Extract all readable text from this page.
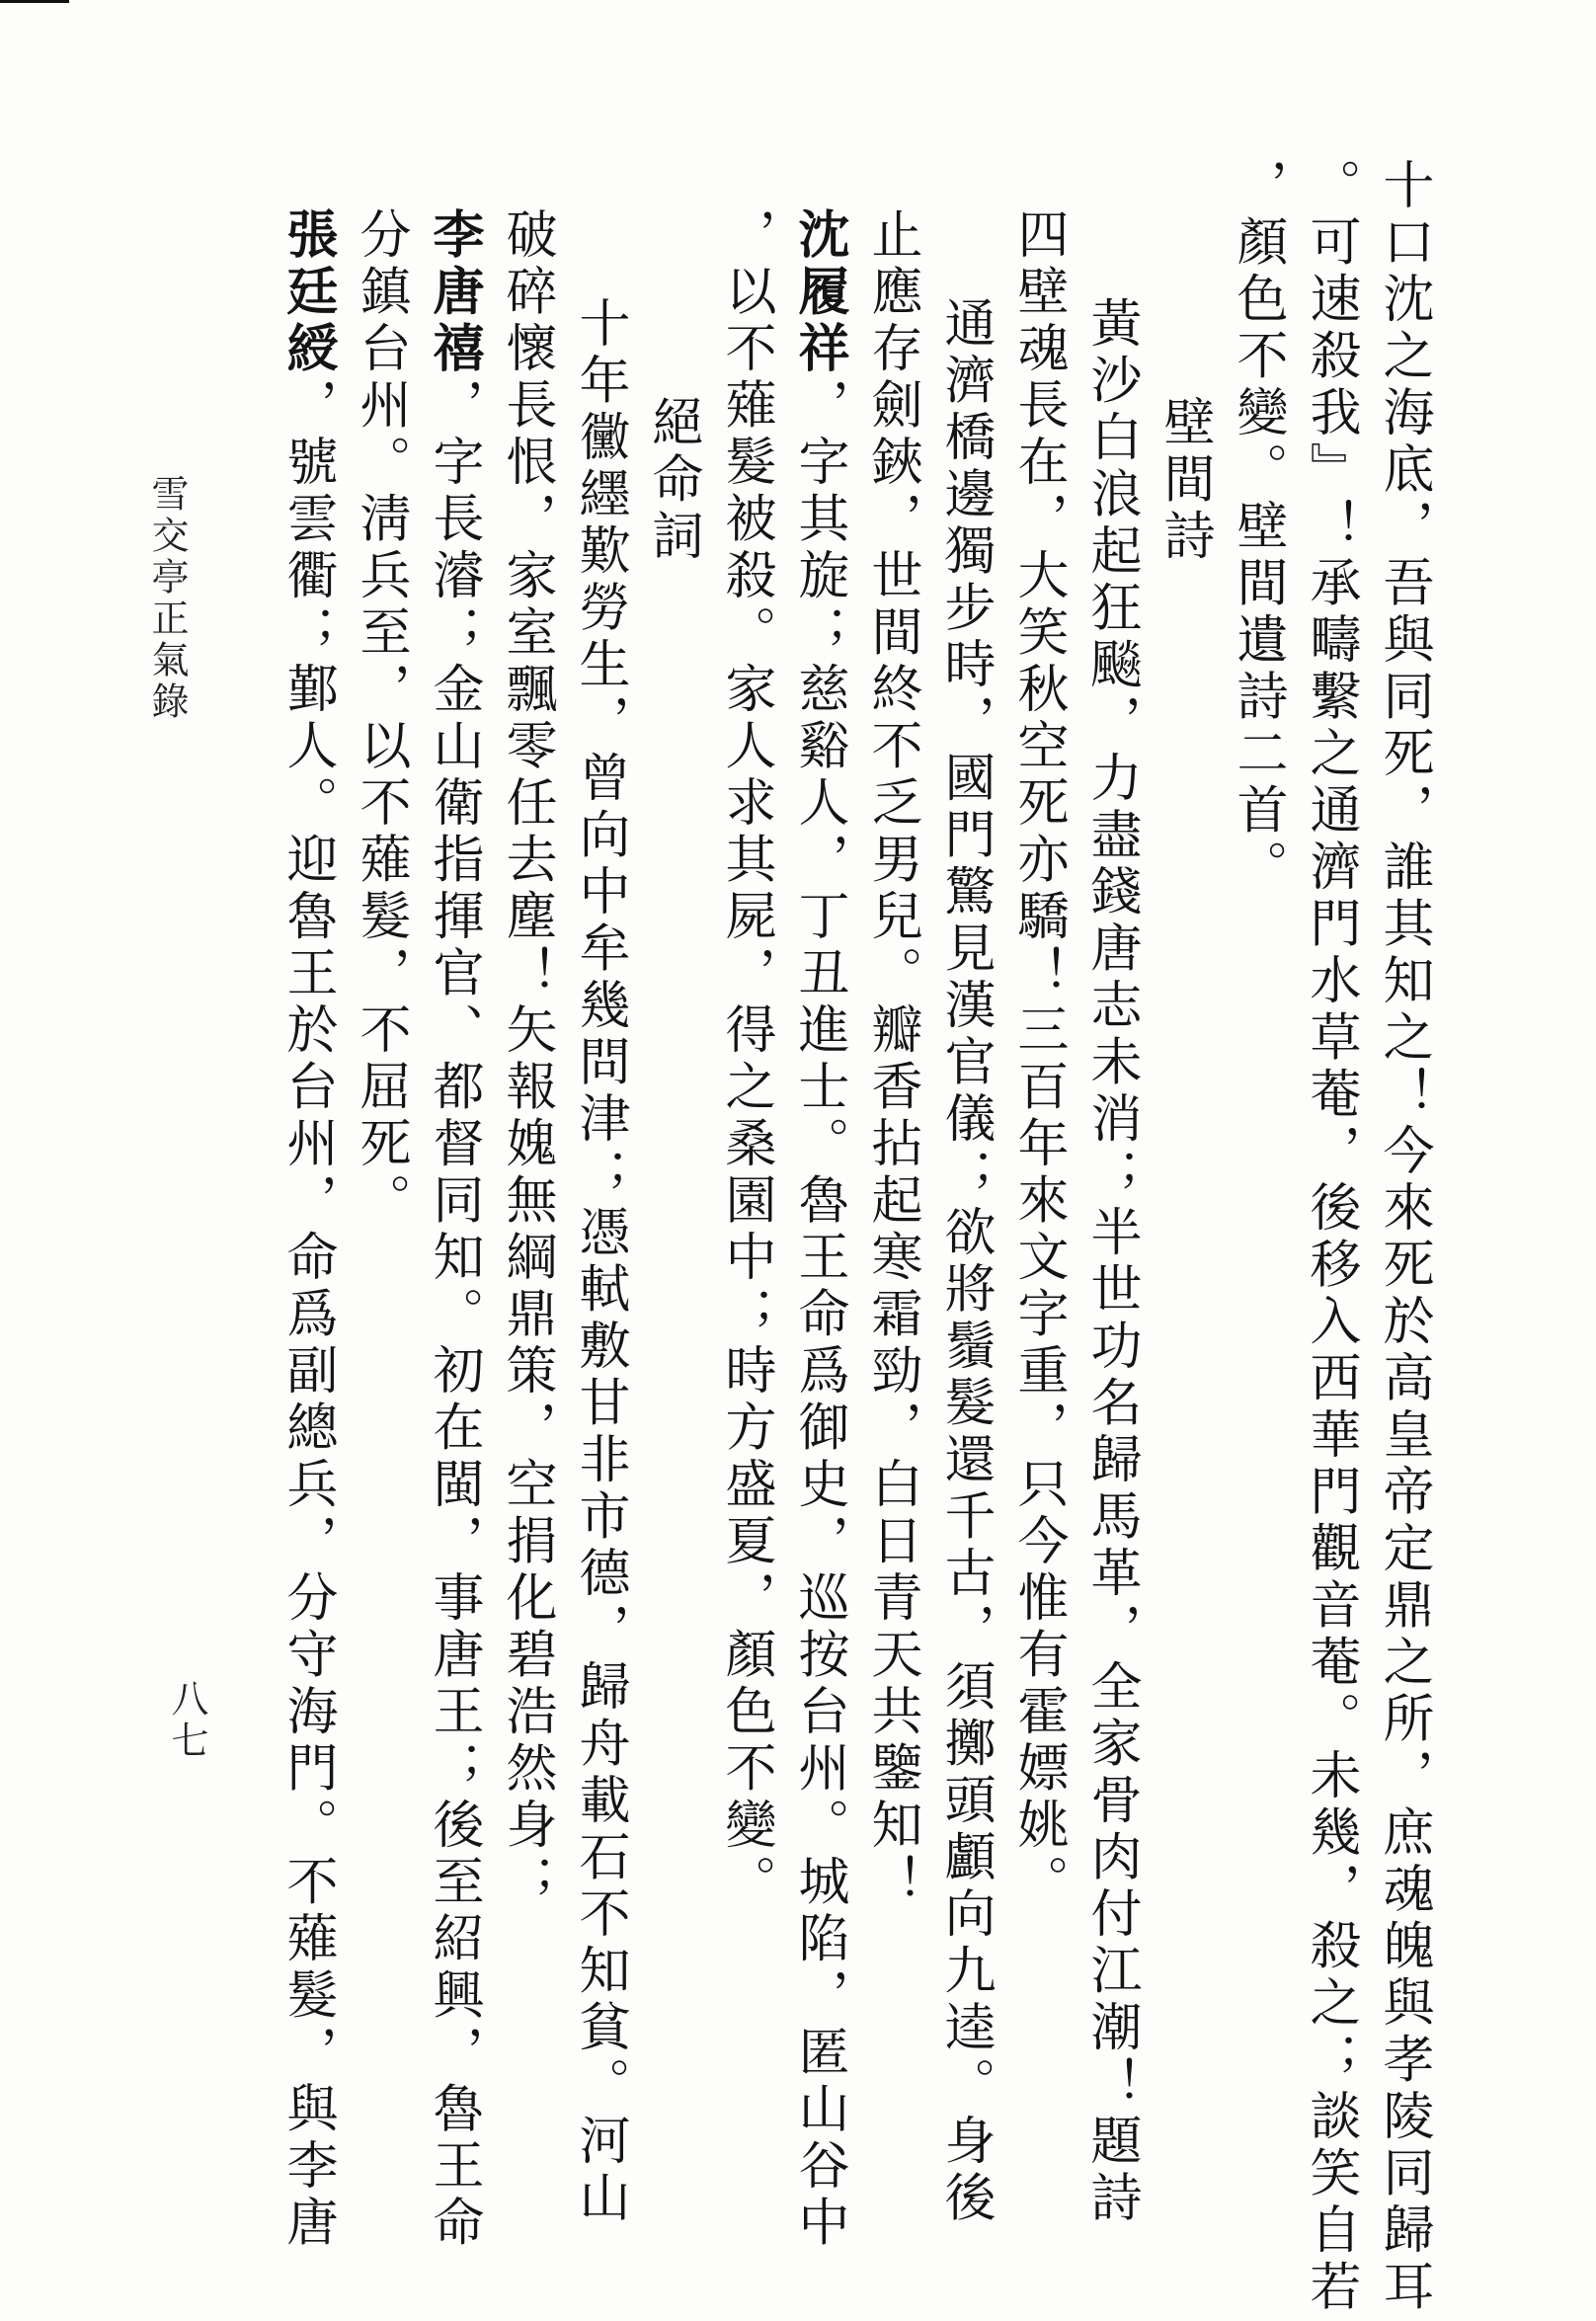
十口沈之海底，吾與同死，誰其知之！今來死於高皇帝定鼎之所，庶魂魄與孝陵同歸耳
。可速殺我』！承疇繫之通濟門水草菴，後移入西華門觀音菴。未幾，殺之；談笑自若
，顏色不變。壁間遺詩二首。
壁間詩
黃沙白浪起狂飈，力盡錢唐志未消；半世功名歸馬革，全家骨肉付江潮！題詩
四壁魂長在，大笑秋空死亦驕！三百年來文字重，只今惟有霍嫖姚。
通濟橋邊獨步時，國門驚見漢官儀；欲將鬚髮還千古，須擲頭顱向九逵。身後
止應存劍鋏，世間終不乏男兒。瓣香拈起寒霜勁，白日青天共鑒知！
沈履祥，字其旋；慈谿人，丁丑進士。魯王命爲御史，巡按台州。城陷，匿山谷中
，以不薙髮被殺。家人求其屍，得之桑園中；時方盛夏，顏色不變。
絕命詞
十年黴纆歎勞生，曾向中牟幾問津；憑軾敷甘非市德，歸舟載石不知貧。河山
破碎懷長恨，家室飄零任去塵！矢報媿無綱鼎策，空捐化碧浩然身；
李唐禧，字長濬；金山衛指揮官、都督同知。初在閩，事唐王；後至紹興，魯王命
分鎮台州。淸兵至，以不薙髮，不屈死。
張廷綬，號雲衢；鄞人。迎魯王於台州，命爲副總兵，分守海門。不薙髮，與李唐
雪交亭正氣錄
八七
